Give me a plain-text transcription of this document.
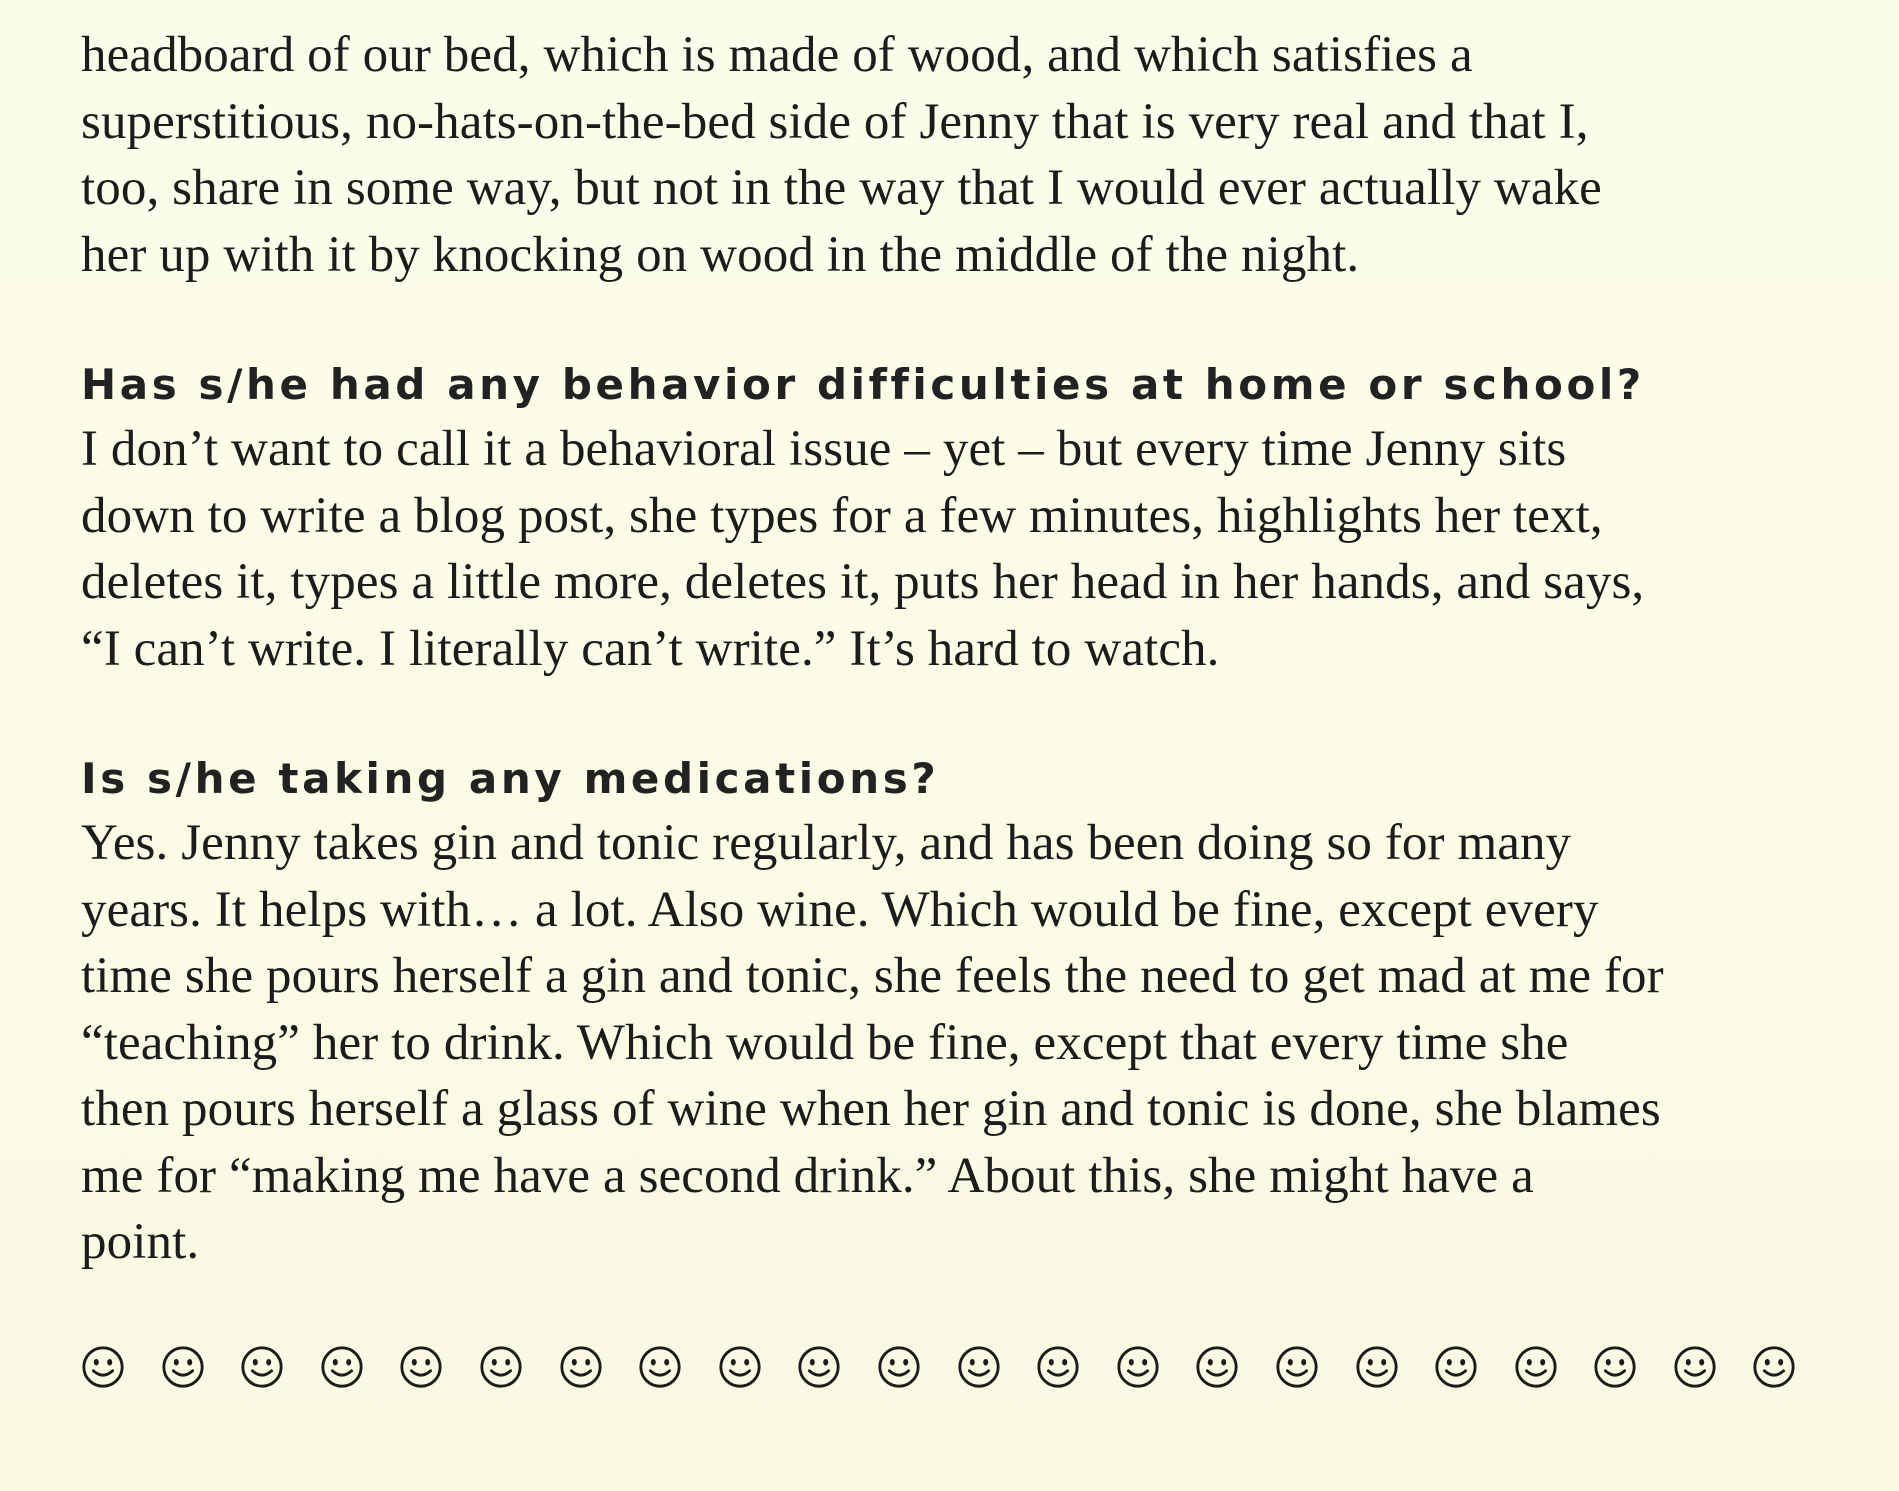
headboard of our bed, which is made of wood, and which satisfies a
superstitious, no-hats-on-the-bed side of Jenny that is very real and that I,
too, share in some way, but not in the way that I would ever actually wake
her up with it by knocking on wood in the middle of the night.
Has s/he had any behavior difficulties at home or school?
I don’t want to call it a behavioral issue – yet – but every time Jenny sits
down to write a blog post, she types for a few minutes, highlights her text,
deletes it, types a little more, deletes it, puts her head in her hands, and says,
“I can’t write. I literally can’t write.” It’s hard to watch.
Is s/he taking any medications?
Yes. Jenny takes gin and tonic regularly, and has been doing so for many
years. It helps with… a lot. Also wine. Which would be fine, except every
time she pours herself a gin and tonic, she feels the need to get mad at me for
“teaching” her to drink. Which would be fine, except that every time she
then pours herself a glass of wine when her gin and tonic is done, she blames
me for “making me have a second drink.” About this, she might have a
point.
